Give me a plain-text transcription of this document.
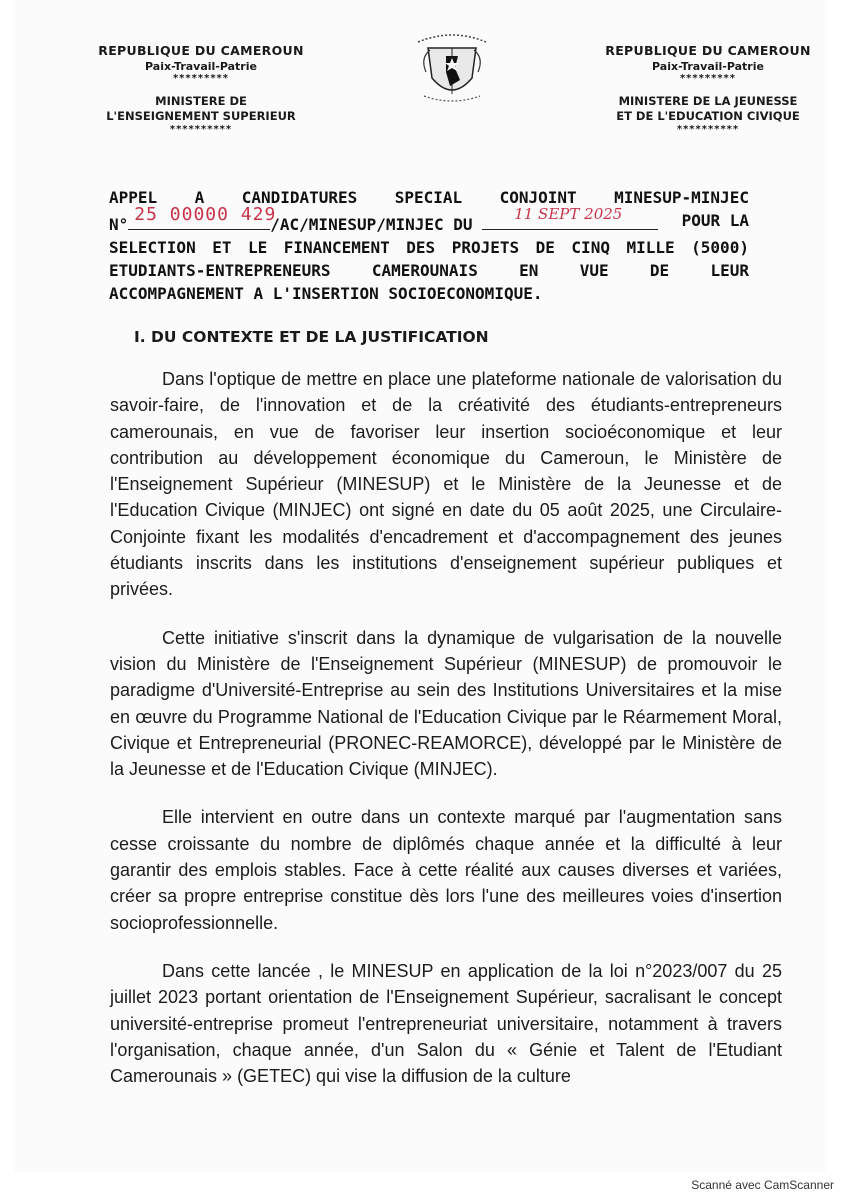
REPUBLIQUE DU CAMEROUN
Paix-Travail-Patrie
*********
MINISTERE DE
L'ENSEIGNEMENT SUPERIEUR
**********
REPUBLIQUE DU CAMEROUN
Paix-Travail-Patrie
*********
MINISTERE DE LA JEUNESSE
ET DE L'EDUCATION CIVIQUE
**********
APPEL A CANDIDATURES SPECIAL CONJOINT MINESUP-MINJEC
N° 25 00000 429
/AC/MINESUP/MINJEC DU
11 SEPT 2025	POUR LA
SELECTION ET LE FINANCEMENT DES PROJETS DE CINQ MILLE (5000)
ETUDIANTS-ENTREPRENEURS	CAMEROUNAIS	EN	VUE	DE	LEUR
ACCOMPAGNEMENT A L'INSERTION SOCIOECONOMIQUE.
I. DU CONTEXTE ET DE LA JUSTIFICATION

Dans l'optique de mettre en place une plateforme nationale de valorisation du savoir-faire, de l'innovation et de la créativité des étudiants-entrepreneurs camerounais, en vue de favoriser leur insertion socioéconomique et leur contribution au développement économique du Cameroun, le Ministère de l'Enseignement Supérieur (MINESUP) et le Ministère de la Jeunesse et de l'Education Civique (MINJEC) ont signé en date du 05 août 2025, une Circulaire-Conjointe fixant les modalités d'encadrement et d'accompagnement des jeunes étudiants inscrits dans les institutions d'enseignement supérieur publiques et privées.

Cette initiative s'inscrit dans la dynamique de vulgarisation de la nouvelle vision du Ministère de l'Enseignement Supérieur (MINESUP) de promouvoir le paradigme d'Université-Entreprise au sein des Institutions Universitaires et la mise en œuvre du Programme National de l'Education Civique par le Réarmement Moral, Civique et Entrepreneurial (PRONEC-REAMORCE), développé par le Ministère de la Jeunesse et de l'Education Civique (MINJEC).

Elle intervient en outre dans un contexte marqué par l'augmentation sans cesse croissante du nombre de diplômés chaque année et la difficulté à leur garantir des emplois stables. Face à cette réalité aux causes diverses et variées, créer sa propre entreprise constitue dès lors l'une des meilleures voies d'insertion socioprofessionnelle.

Dans cette lancée , le MINESUP en application de la loi n°2023/007 du 25 juillet 2023 portant orientation de l'Enseignement Supérieur, sacralisant le concept université-entreprise promeut l'entrepreneuriat universitaire, notamment à travers l'organisation, chaque année, d'un Salon du « Génie et Talent de l'Etudiant Camerounais » (GETEC) qui vise la diffusion de la culture

Scanné avec CamScanner
